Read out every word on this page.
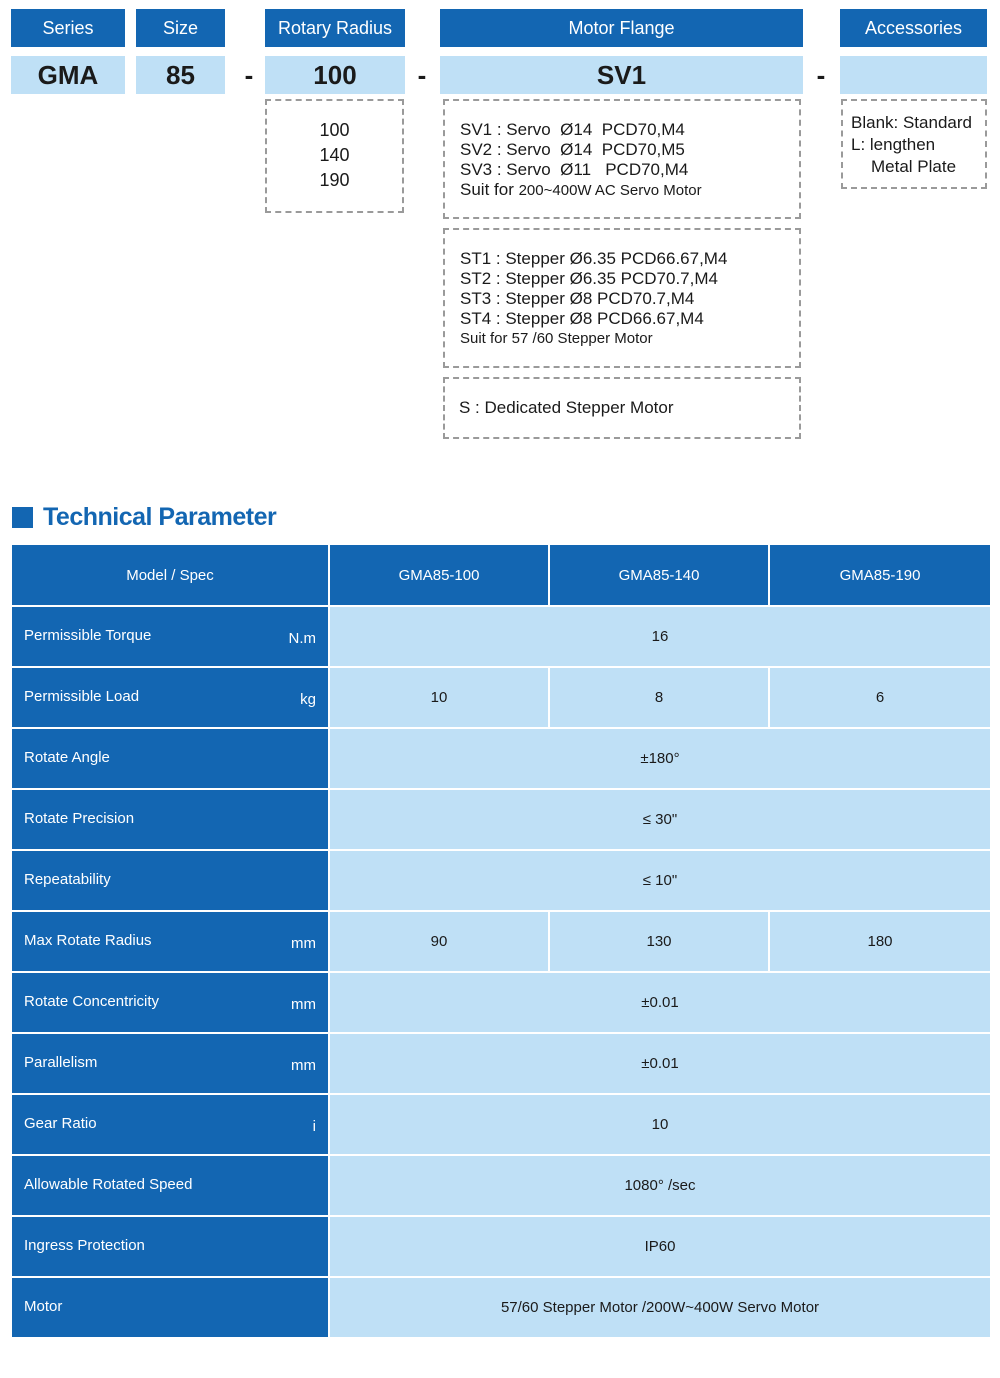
Series	Size	Rotary Radius	Motor Flange	Accessories
GMA	85	-	100	-	SV1	-
100
140
190
SV1 : Servo  Ø14  PCD70,M4
SV2 : Servo  Ø14  PCD70,M5
SV3 : Servo  Ø11   PCD70,M4
Suit for 200~400W AC Servo Motor
ST1 : Stepper Ø6.35 PCD66.67,M4
ST2 : Stepper Ø6.35 PCD70.7,M4
ST3 : Stepper Ø8 PCD70.7,M4
ST4 : Stepper Ø8 PCD66.67,M4
Suit for 57 /60 Stepper Motor
S : Dedicated Stepper Motor
Blank: Standard
L: lengthen
Metal Plate
Technical Parameter
Model / Spec	GMA85-100	GMA85-140	GMA85-190

Permissible Torque N.m	16		

Permissible Load kg	10	8	6

Rotate Angle	±180°		

Rotate Precision	≤ 30"		

Repeatability	≤ 10"		

Max Rotate Radius mm	90	130	180

Rotate Concentricity mm	±0.01		

Parallelism mm	±0.01		

Gear Ratio i	10		

Allowable Rotated Speed	1080° /sec		

Ingress Protection	IP60		

Motor	57/60 Stepper Motor /200W~400W Servo Motor		
